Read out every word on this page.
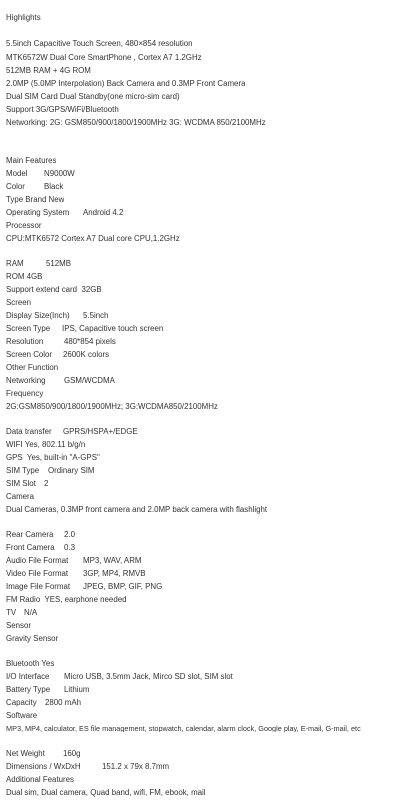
Highlights
5.5inch Capacitive Touch Screen, 480×854 resolution
MTK6572W Dual Core SmartPhone , Cortex A7 1.2GHz
512MB RAM + 4G ROM
2.0MP (5.0MP Interpolation) Back Camera and 0.3MP Front Camera
Dual SIM Card Dual Standby(one micro-sim card)
Support 3G/GPS/WiFi/Bluetooth
Networking: 2G: GSM850/900/1800/1900MHz 3G: WCDMA 850/2100MHz
Main Features
Model N9000W
Color Black
Type Brand New
Operating System Android 4.2
Processor
CPU:MTK6572 Cortex A7 Dual core CPU,1.2GHz
RAM	512MB
ROM 4GB
Support extend card  32GB
Screen
Display Size(Inch) 5.5inch
Screen Type IPS, Capacitive touch screen
Resolution	480*854 pixels
Screen Color 2600K colors
Other Function
Networking GSM/WCDMA
Frequency
2G:GSM850/900/1800/1900MHz; 3G:WCDMA850/2100MHz
Data transfer GPRS/HSPA+/EDGE
WIFI Yes, 802.11 b/g/n
GPS  Yes, built-in "A-GPS"
SIM Type Ordinary SIM
SIM Slot 2
Camera
Dual Cameras, 0.3MP front camera and 2.0MP back camera with flashlight
Rear Camera 2.0
Front Camera 0.3
Audio File Format MP3, WAV, ARM
Video File Format 3GP, MP4, RMVB
Image File Format JPEG, BMP, GIF, PNG
FM Radio  YES, earphone needed
TV N/A
Sensor
Gravity Sensor
Bluetooth Yes
I/O Interface Micro USB, 3.5mm Jack, Mirco SD slot, SIM slot
Battery Type Lithium
Capacity 2800 mAh
Software
MP3, MP4, calculator, ES file management, stopwatch, calendar, alarm clock, Google play, E-mail, G-mail, etc
Net Weight 160g
Dimensions / WxDxH	151.2 x 79x 8.7mm
Additional Features
Dual sim, Dual camera, Quad band, wifi, FM, ebook, mail
